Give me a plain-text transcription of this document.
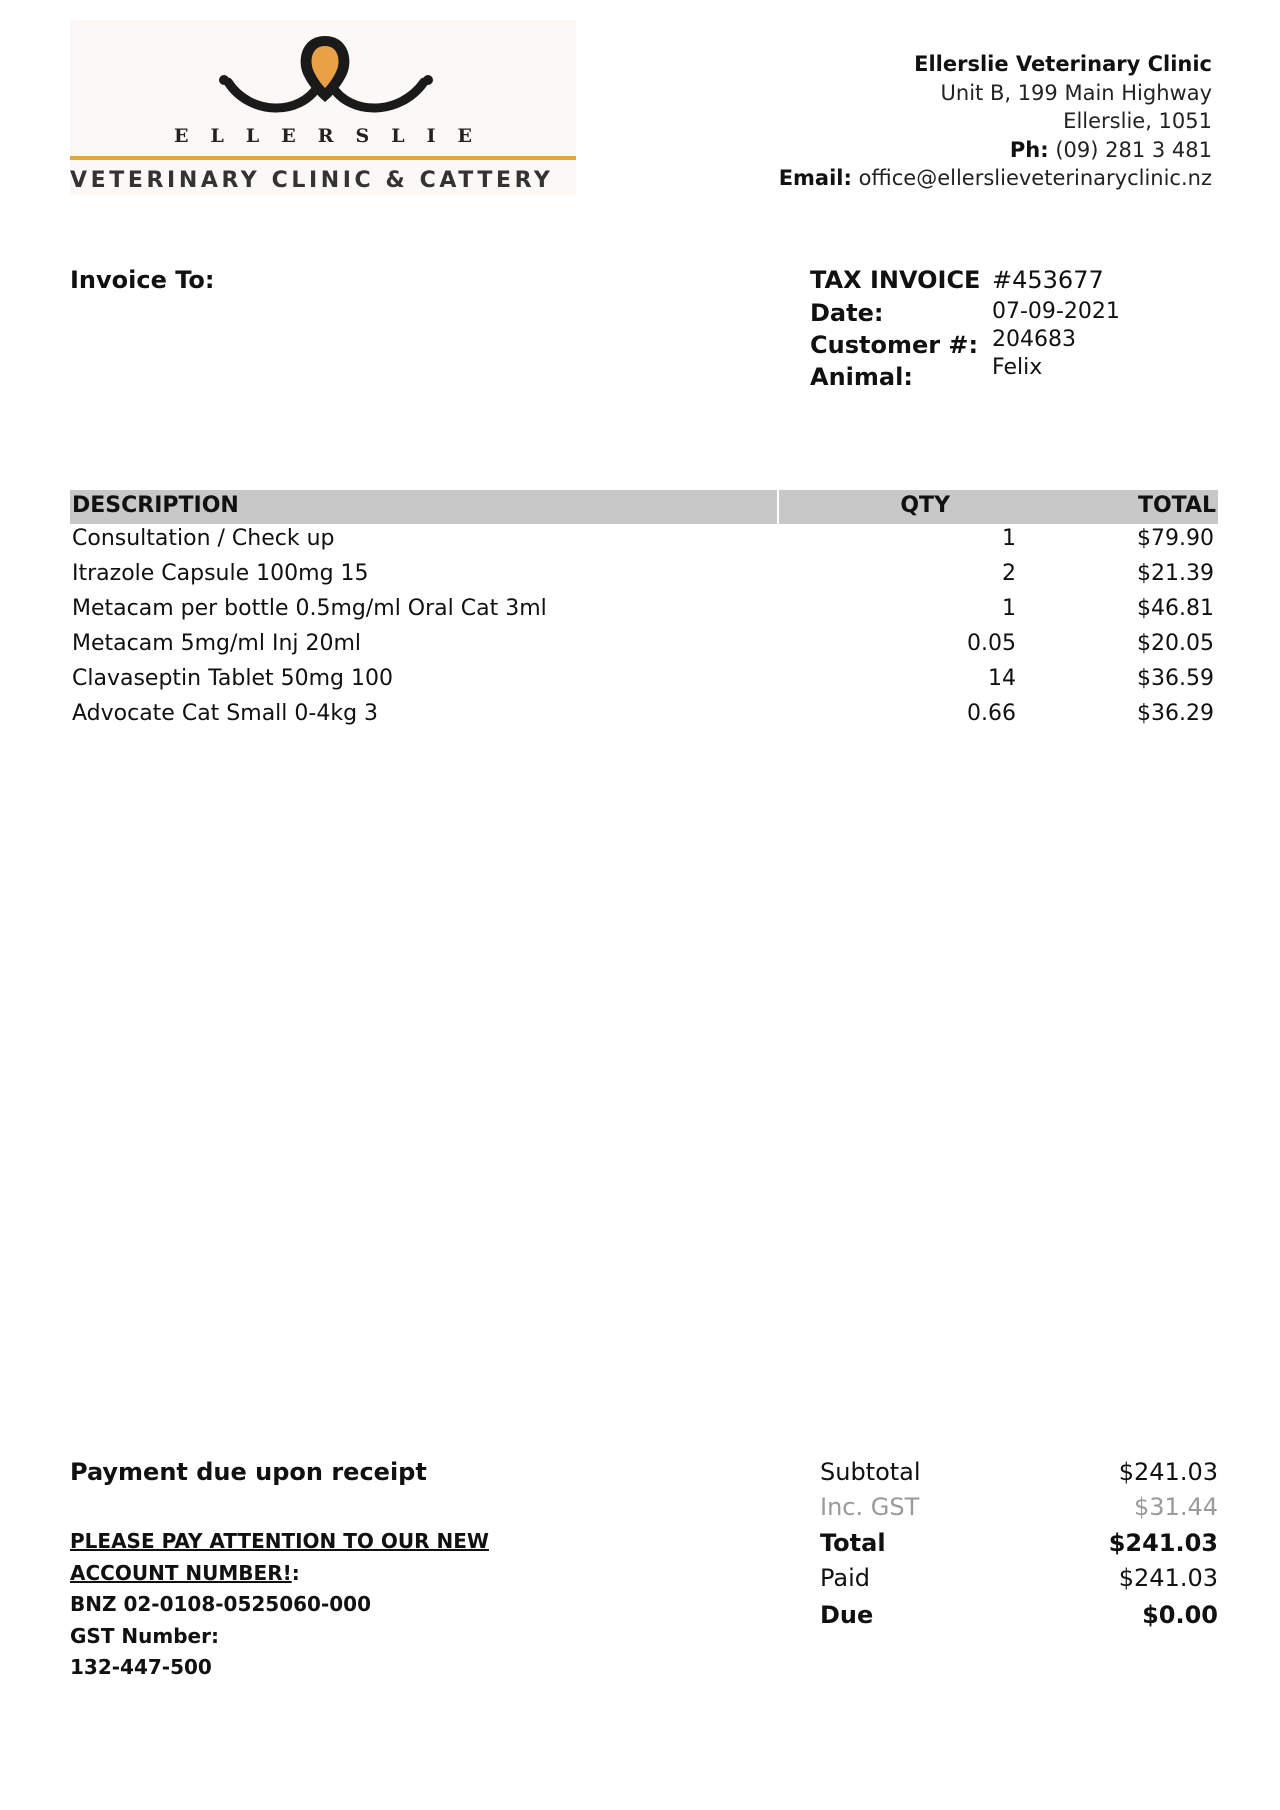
ELLERSLIE
VETERINARY CLINIC & CATTERY
Ellerslie Veterinary Clinic
Unit B, 199 Main Highway
Ellerslie, 1051
Ph: (09) 281 3 481
Email: office@ellerslieveterinaryclinic.nz
Invoice To:	TAX INVOICE #453677
Date:	07-09-2021
Customer #: 204683
Animal:	Felix
DESCRIPTION	QTY	TOTAL
Consultation / Check up	1	$79.90
Itrazole Capsule 100mg 15	2	$21.39
Metacam per bottle 0.5mg/ml Oral Cat 3ml	1	$46.81
Metacam 5mg/ml Inj 20ml	0.05	$20.05
Clavaseptin Tablet 50mg 100	14	$36.59
Advocate Cat Small 0-4kg 3	0.66	$36.29
Payment due upon receipt
PLEASE PAY ATTENTION TO OUR NEW
ACCOUNT NUMBER!:
BNZ 02-0108-0525060-000
GST Number:
132-447-500
Subtotal	$241.03
Inc. GST	$31.44
Total	$241.03
Paid	$241.03
Due	$0.00
